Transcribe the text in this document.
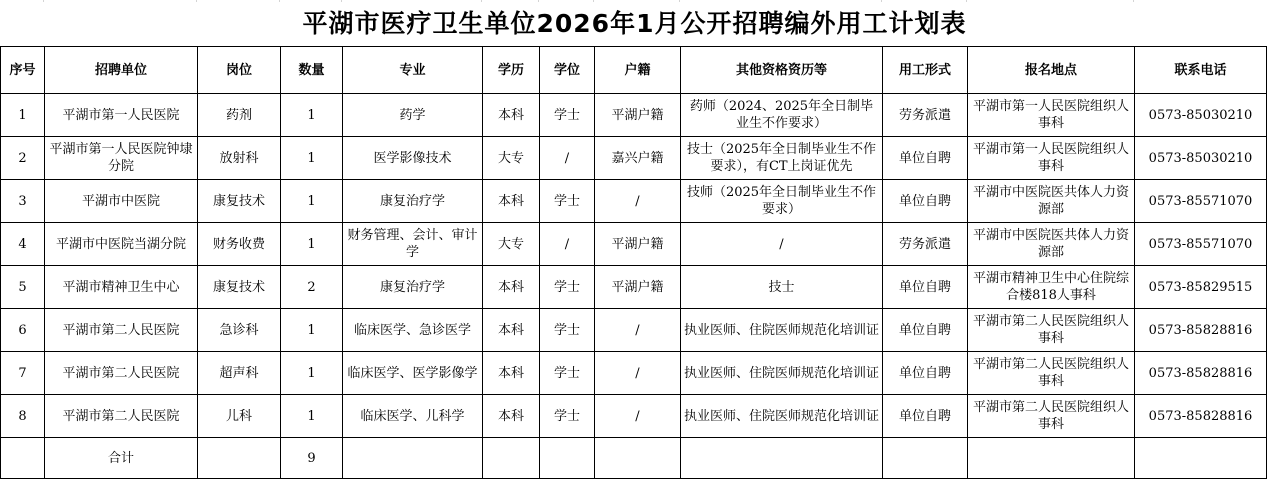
平湖市医疗卫生单位2026年1月公开招聘编外用工计划表
序号	招聘单位	岗位	数量	专业	学历	学位	户籍	其他资格资历等	用工形式	报名地点	联系电话
1	平湖市第一人民医院	药剂	1	药学	本科	学士	平湖户籍	药师（2024、2025年全日制毕业生不作要求）	劳务派遣	平湖市第一人民医院组织人事科	0573-85030210
2	平湖市第一人民医院钟埭分院	放射科	1	医学影像技术	大专	/	嘉兴户籍	技士（2025年全日制毕业生不作要求），有CT上岗证优先	单位自聘	平湖市第一人民医院组织人事科	0573-85030210
3	平湖市中医院	康复技术	1	康复治疗学	本科	学士	/	技师（2025年全日制毕业生不作要求）	单位自聘	平湖市中医院医共体人力资源部	0573-85571070
4	平湖市中医院当湖分院	财务收费	1	财务管理、会计、审计学	大专	/	平湖户籍	/	劳务派遣	平湖市中医院医共体人力资源部	0573-85571070
5	平湖市精神卫生中心	康复技术	2	康复治疗学	本科	学士	平湖户籍	技士	单位自聘	平湖市精神卫生中心住院综合楼818人事科	0573-85829515
6	平湖市第二人民医院	急诊科	1	临床医学、急诊医学	本科	学士	/	执业医师、住院医师规范化培训证	单位自聘	平湖市第二人民医院组织人事科	0573-85828816
7	平湖市第二人民医院	超声科	1	临床医学、医学影像学	本科	学士	/	执业医师、住院医师规范化培训证	单位自聘	平湖市第二人民医院组织人事科	0573-85828816
8	平湖市第二人民医院	儿科	1	临床医学、儿科学	本科	学士	/	执业医师、住院医师规范化培训证	单位自聘	平湖市第二人民医院组织人事科	0573-85828816
	合计		9								
